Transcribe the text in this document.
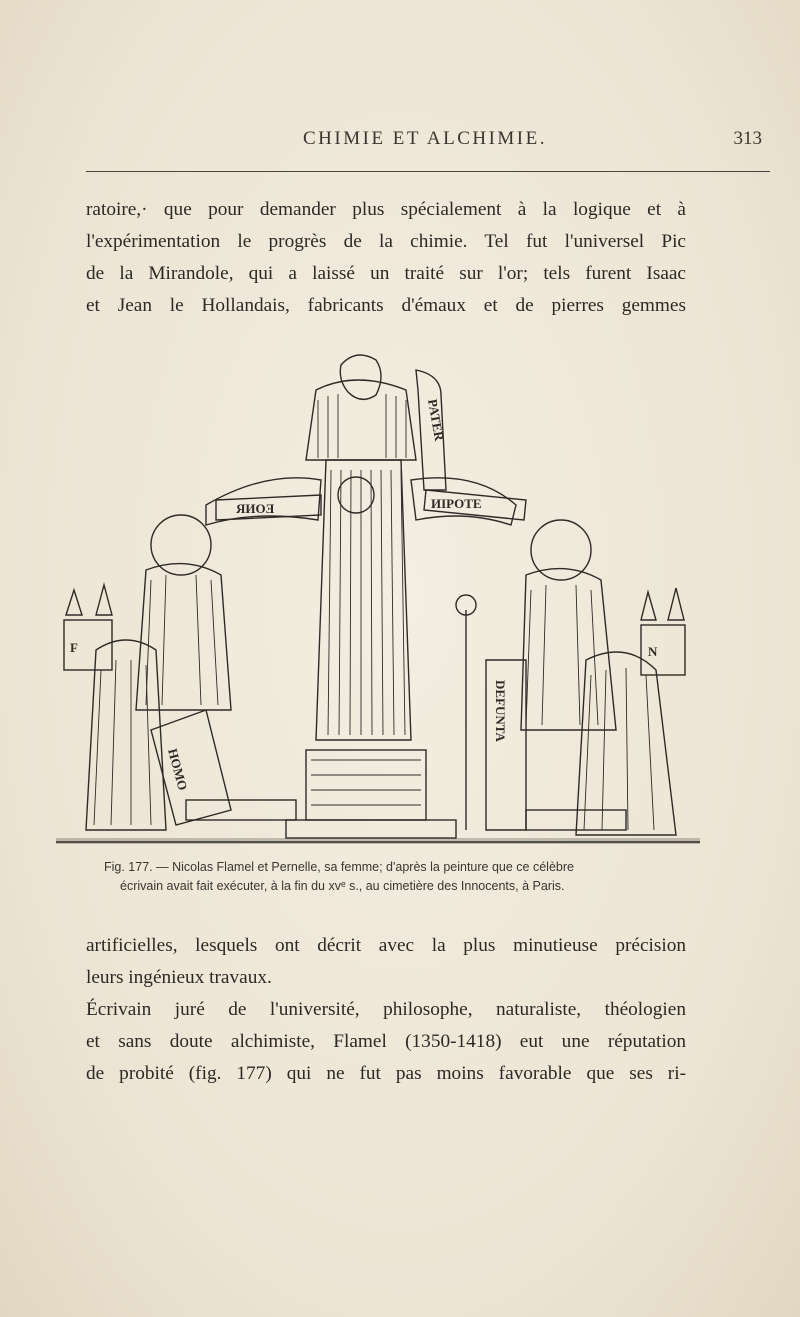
CHIMIE ET ALCHIMIE.	313
ratoire,· que pour demander plus spécialement à la logique et à
l'expérimentation le progrès de la chimie. Tel fut l'universel Pic
de la Mirandole, qui a laissé un traité sur l'or; tels furent Isaac
et Jean le Hollandais, fabricants d'émaux et de pierres gemmes
ЯИOƎ
PATER
ИIPOTE
HOMO
F
DEFUNTA
N
Fig. 177. — Nicolas Flamel et Pernelle, sa femme; d'après la peinture que ce célèbre
écrivain avait fait exécuter, à la fin du xvᵉ s., au cimetière des Innocents, à Paris.
artificielles, lesquels ont décrit avec la plus minutieuse précision
leurs ingénieux travaux.
Écrivain juré de l'université, philosophe, naturaliste, théologien
et sans doute alchimiste, Flamel (1350-1418) eut une réputation
de probité (fig. 177) qui ne fut pas moins favorable que ses ri-
